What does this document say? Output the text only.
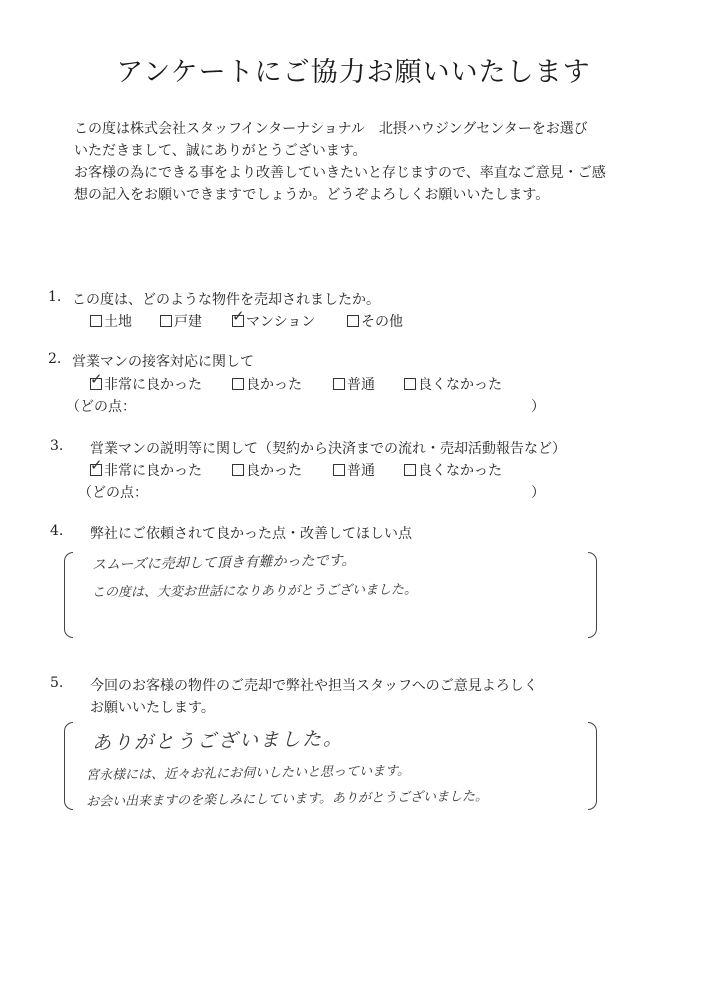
アンケートにご協力お願いいたします
この度は株式会社スタッフインターナショナル　北摂ハウジングセンターをお選び
いただきまして、誠にありがとうございます。
お客様の為にできる事をより改善していきたいと存じますので、率直なご意見・ご感
想の記入をお願いできますでしょうか。どうぞよろしくお願いいたします。
1. この度は、どのような物件を売却されましたか。
土地	戸建 ✓ マンション	その他
2. 営業マンの接客対応に関して
✓ 非常に良かった	良かった	普通	良くなかった
（どの点：	）
3. 営業マンの説明等に関して（契約から決済までの流れ・売却活動報告など）
✓ 非常に良かった	良かった	普通	良くなかった
（どの点：	）
4. 弊社にご依頼されて良かった点・改善してほしい点
スムーズに売却して頂き有難かったです。
この度は、大変お世話になりありがとうございました。
5. 今回のお客様の物件のご売却で弊社や担当スタッフへのご意見よろしく
お願いいたします。
ありがとうございました。
宮永様には、近々お礼にお伺いしたいと思っています。
お会い出来ますのを楽しみにしています。ありがとうございました。
